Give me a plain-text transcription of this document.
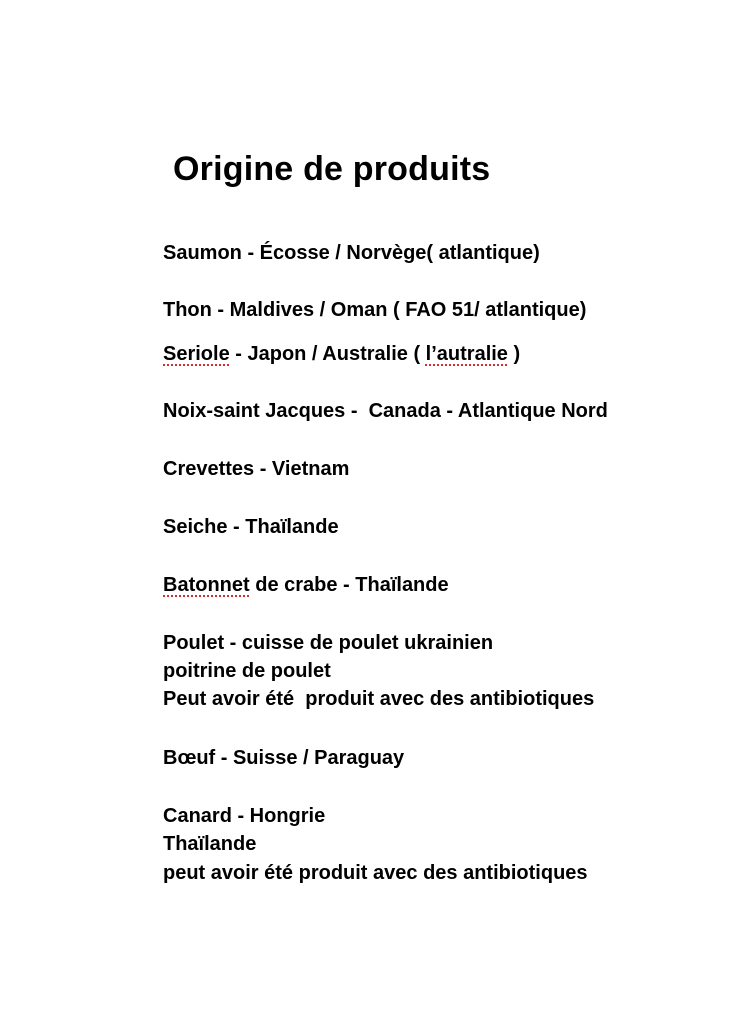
Origine de produits
Saumon - Écosse / Norvège( atlantique)
Thon - Maldives / Oman ( FAO 51/ atlantique)
Seriole - Japon / Australie ( l’autralie )
Noix-saint Jacques -  Canada - Atlantique Nord
Crevettes - Vietnam
Seiche - Thaïlande
Batonnet de crabe - Thaïlande
Poulet - cuisse de poulet ukrainien
poitrine de poulet
Peut avoir été  produit avec des antibiotiques
Bœuf - Suisse / Paraguay
Canard - Hongrie
Thaïlande
peut avoir été produit avec des antibiotiques
